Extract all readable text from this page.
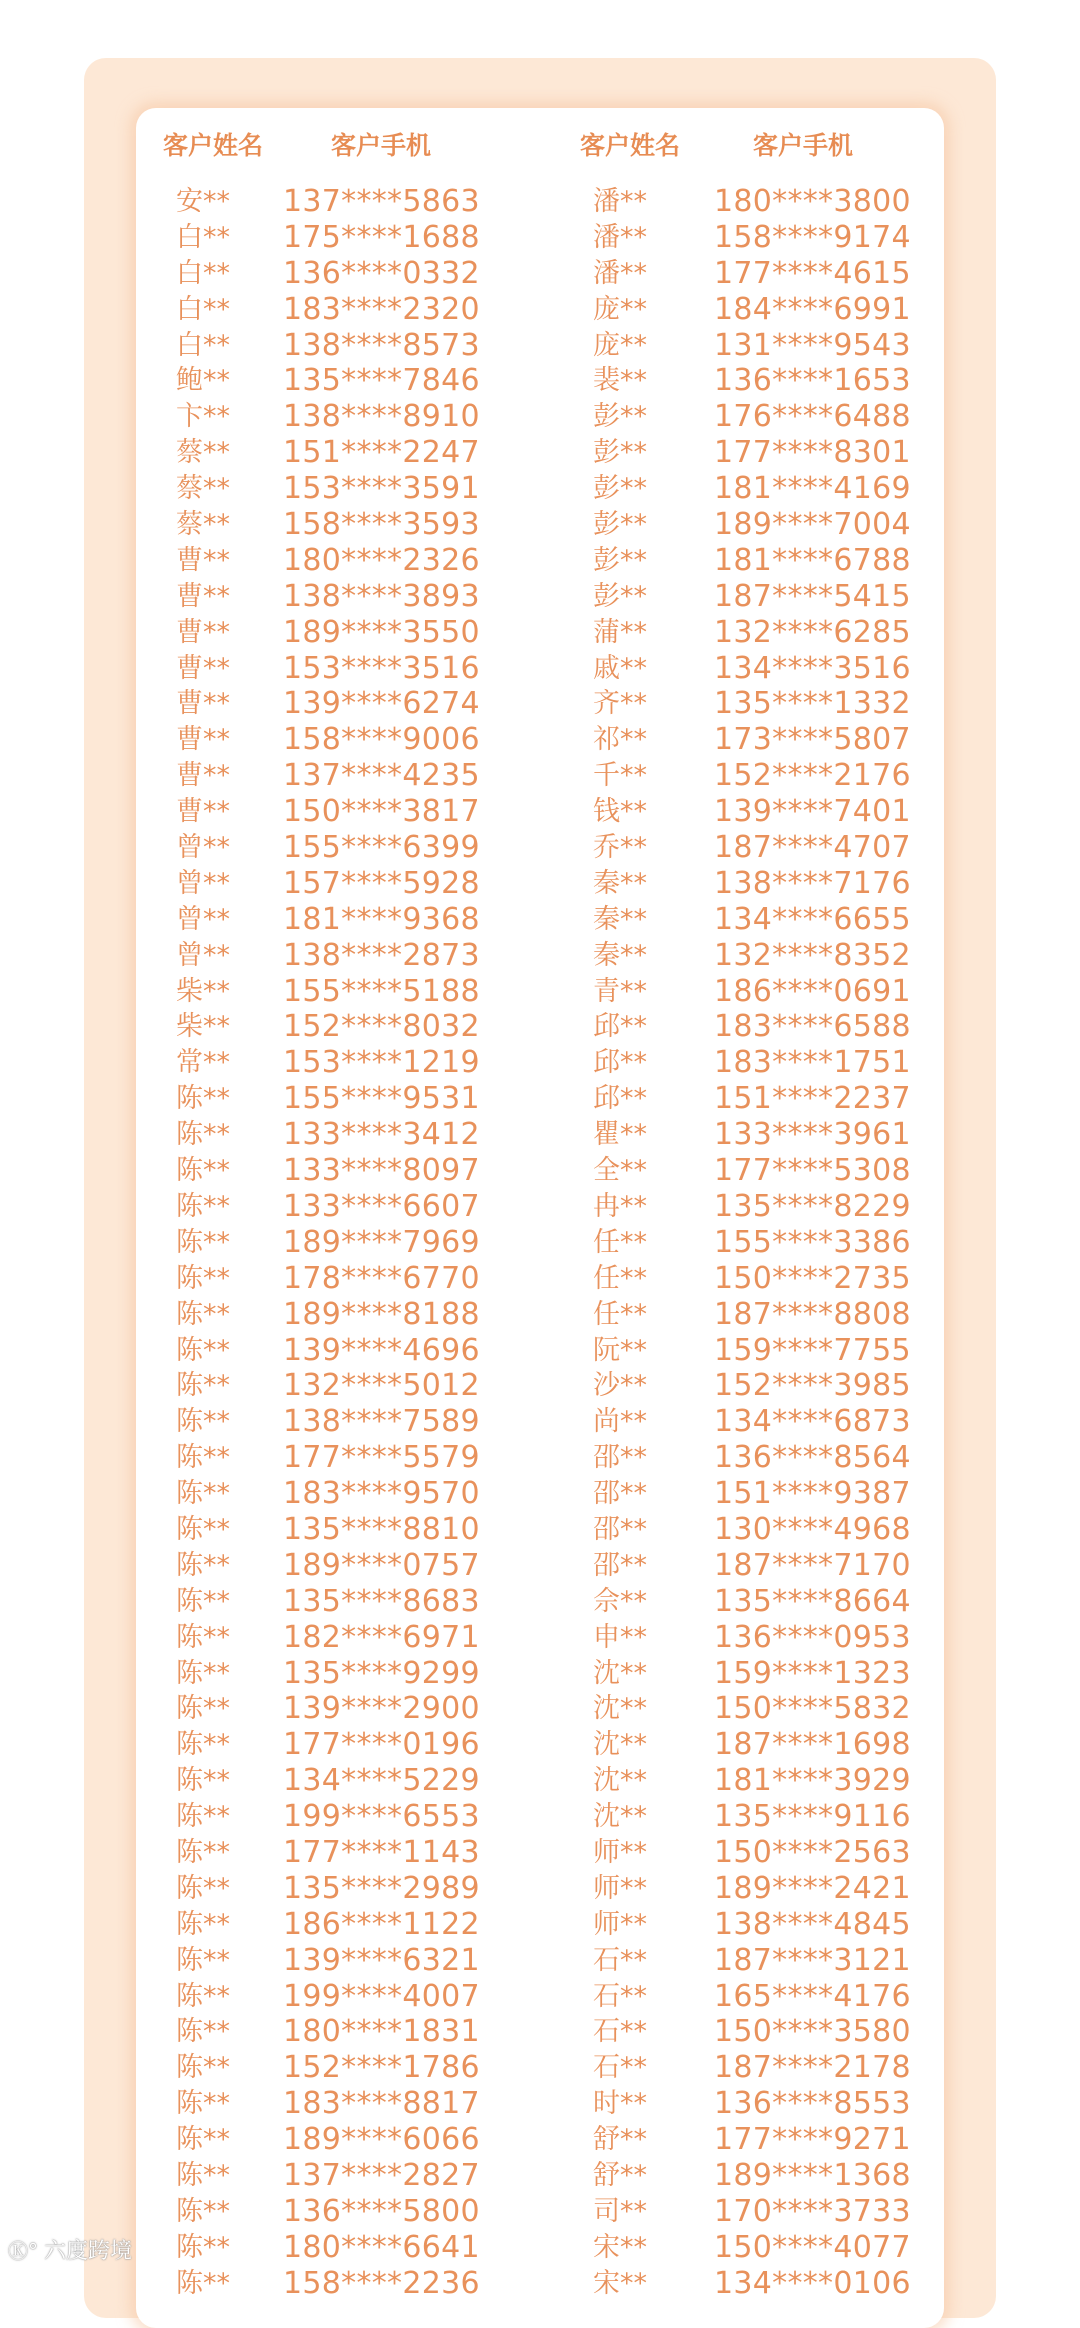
客户姓名	客户手机	客户姓名	客户手机
安** 137****5863	潘** 180****3800
白** 175****1688	潘** 158****9174
白** 136****0332	潘** 177****4615
白** 183****2320	庞** 184****6991
白** 138****8573	庞** 131****9543
鲍** 135****7846	裴** 136****1653
卞** 138****8910	彭** 176****6488
蔡** 151****2247	彭** 177****8301
蔡** 153****3591	彭** 181****4169
蔡** 158****3593	彭** 189****7004
曹** 180****2326	彭** 181****6788
曹** 138****3893	彭** 187****5415
曹** 189****3550	蒲** 132****6285
曹** 153****3516	戚** 134****3516
曹** 139****6274	齐** 135****1332
曹** 158****9006	祁** 173****5807
曹** 137****4235	千** 152****2176
曹** 150****3817	钱** 139****7401
曾** 155****6399	乔** 187****4707
曾** 157****5928	秦** 138****7176
曾** 181****9368	秦** 134****6655
曾** 138****2873	秦** 132****8352
柴** 155****5188	青** 186****0691
柴** 152****8032	邱** 183****6588
常** 153****1219	邱** 183****1751
陈** 155****9531	邱** 151****2237
陈** 133****3412	瞿** 133****3961
陈** 133****8097	全** 177****5308
陈** 133****6607	冉** 135****8229
陈** 189****7969	任** 155****3386
陈** 178****6770	任** 150****2735
陈** 189****8188	任** 187****8808
陈** 139****4696	阮** 159****7755
陈** 132****5012	沙** 152****3985
陈** 138****7589	尚** 134****6873
陈** 177****5579	邵** 136****8564
陈** 183****9570	邵** 151****9387
陈** 135****8810	邵** 130****4968
陈** 189****0757	邵** 187****7170
陈** 135****8683	佘** 135****8664
陈** 182****6971	申** 136****0953
陈** 135****9299	沈** 159****1323
陈** 139****2900	沈** 150****5832
陈** 177****0196	沈** 187****1698
陈** 134****5229	沈** 181****3929
陈** 199****6553	沈** 135****9116
陈** 177****1143	师** 150****2563
陈** 135****2989	师** 189****2421
陈** 186****1122	师** 138****4845
陈** 139****6321	石** 187****3121
陈** 199****4007	石** 165****4176
陈** 180****1831	石** 150****3580
陈** 152****1786	石** 187****2178
陈** 183****8817	时** 136****8553
陈** 189****6066	舒** 177****9271
陈** 137****2827	舒** 189****1368
陈** 136****5800	司** 170****3733
陈** 180****6641	宋** 150****4077
陈** 158****2236	宋** 134****0106
Ⓚ° 六度跨境
